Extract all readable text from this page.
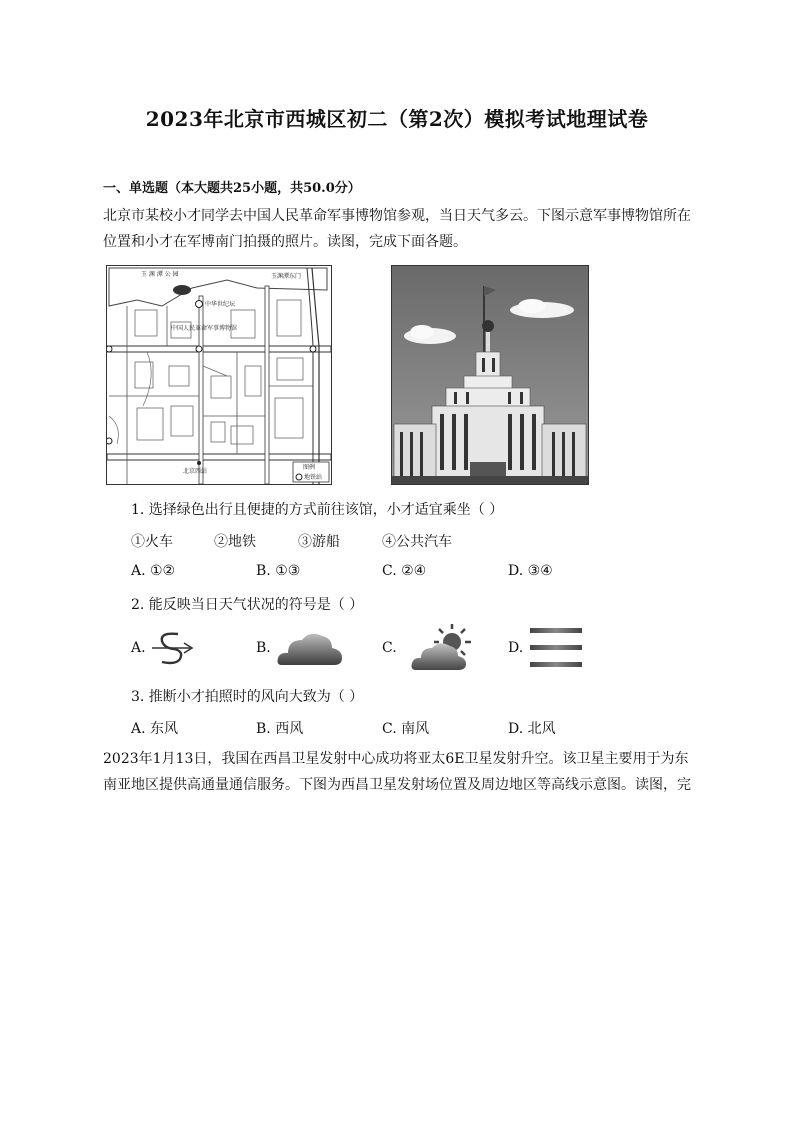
2023年北京市西城区初二（第2次）模拟考试地理试卷
一、单选题（本大题共25小题，共50.0分）
北京市某校小才同学去中国人民革命军事博物馆参观，当日天气多云。下图示意军事博物馆所在
位置和小才在军博南门拍摄的照片。读图，完成下面各题。
玉 渊 潭 公 园	玉渊潭东门
中华世纪坛
中国人民革命军事博物馆
北京西站
图例
地铁站
1. 选择绿色出行且便捷的方式前往该馆，小才适宜乘坐（ ）
①火车	②地铁	③游船	④公共汽车
A. ①②	B. ①③	C. ②④	D. ③④
2. 能反映当日天气状况的符号是（ ）
A.	B.	C.	D.
3. 推断小才拍照时的风向大致为（ ）
A. 东风	B. 西风	C. 南风	D. 北风
2023年1月13日，我国在西昌卫星发射中心成功将亚太6E卫星发射升空。该卫星主要用于为东
南亚地区提供高通量通信服务。下图为西昌卫星发射场位置及周边地区等高线示意图。读图，完
